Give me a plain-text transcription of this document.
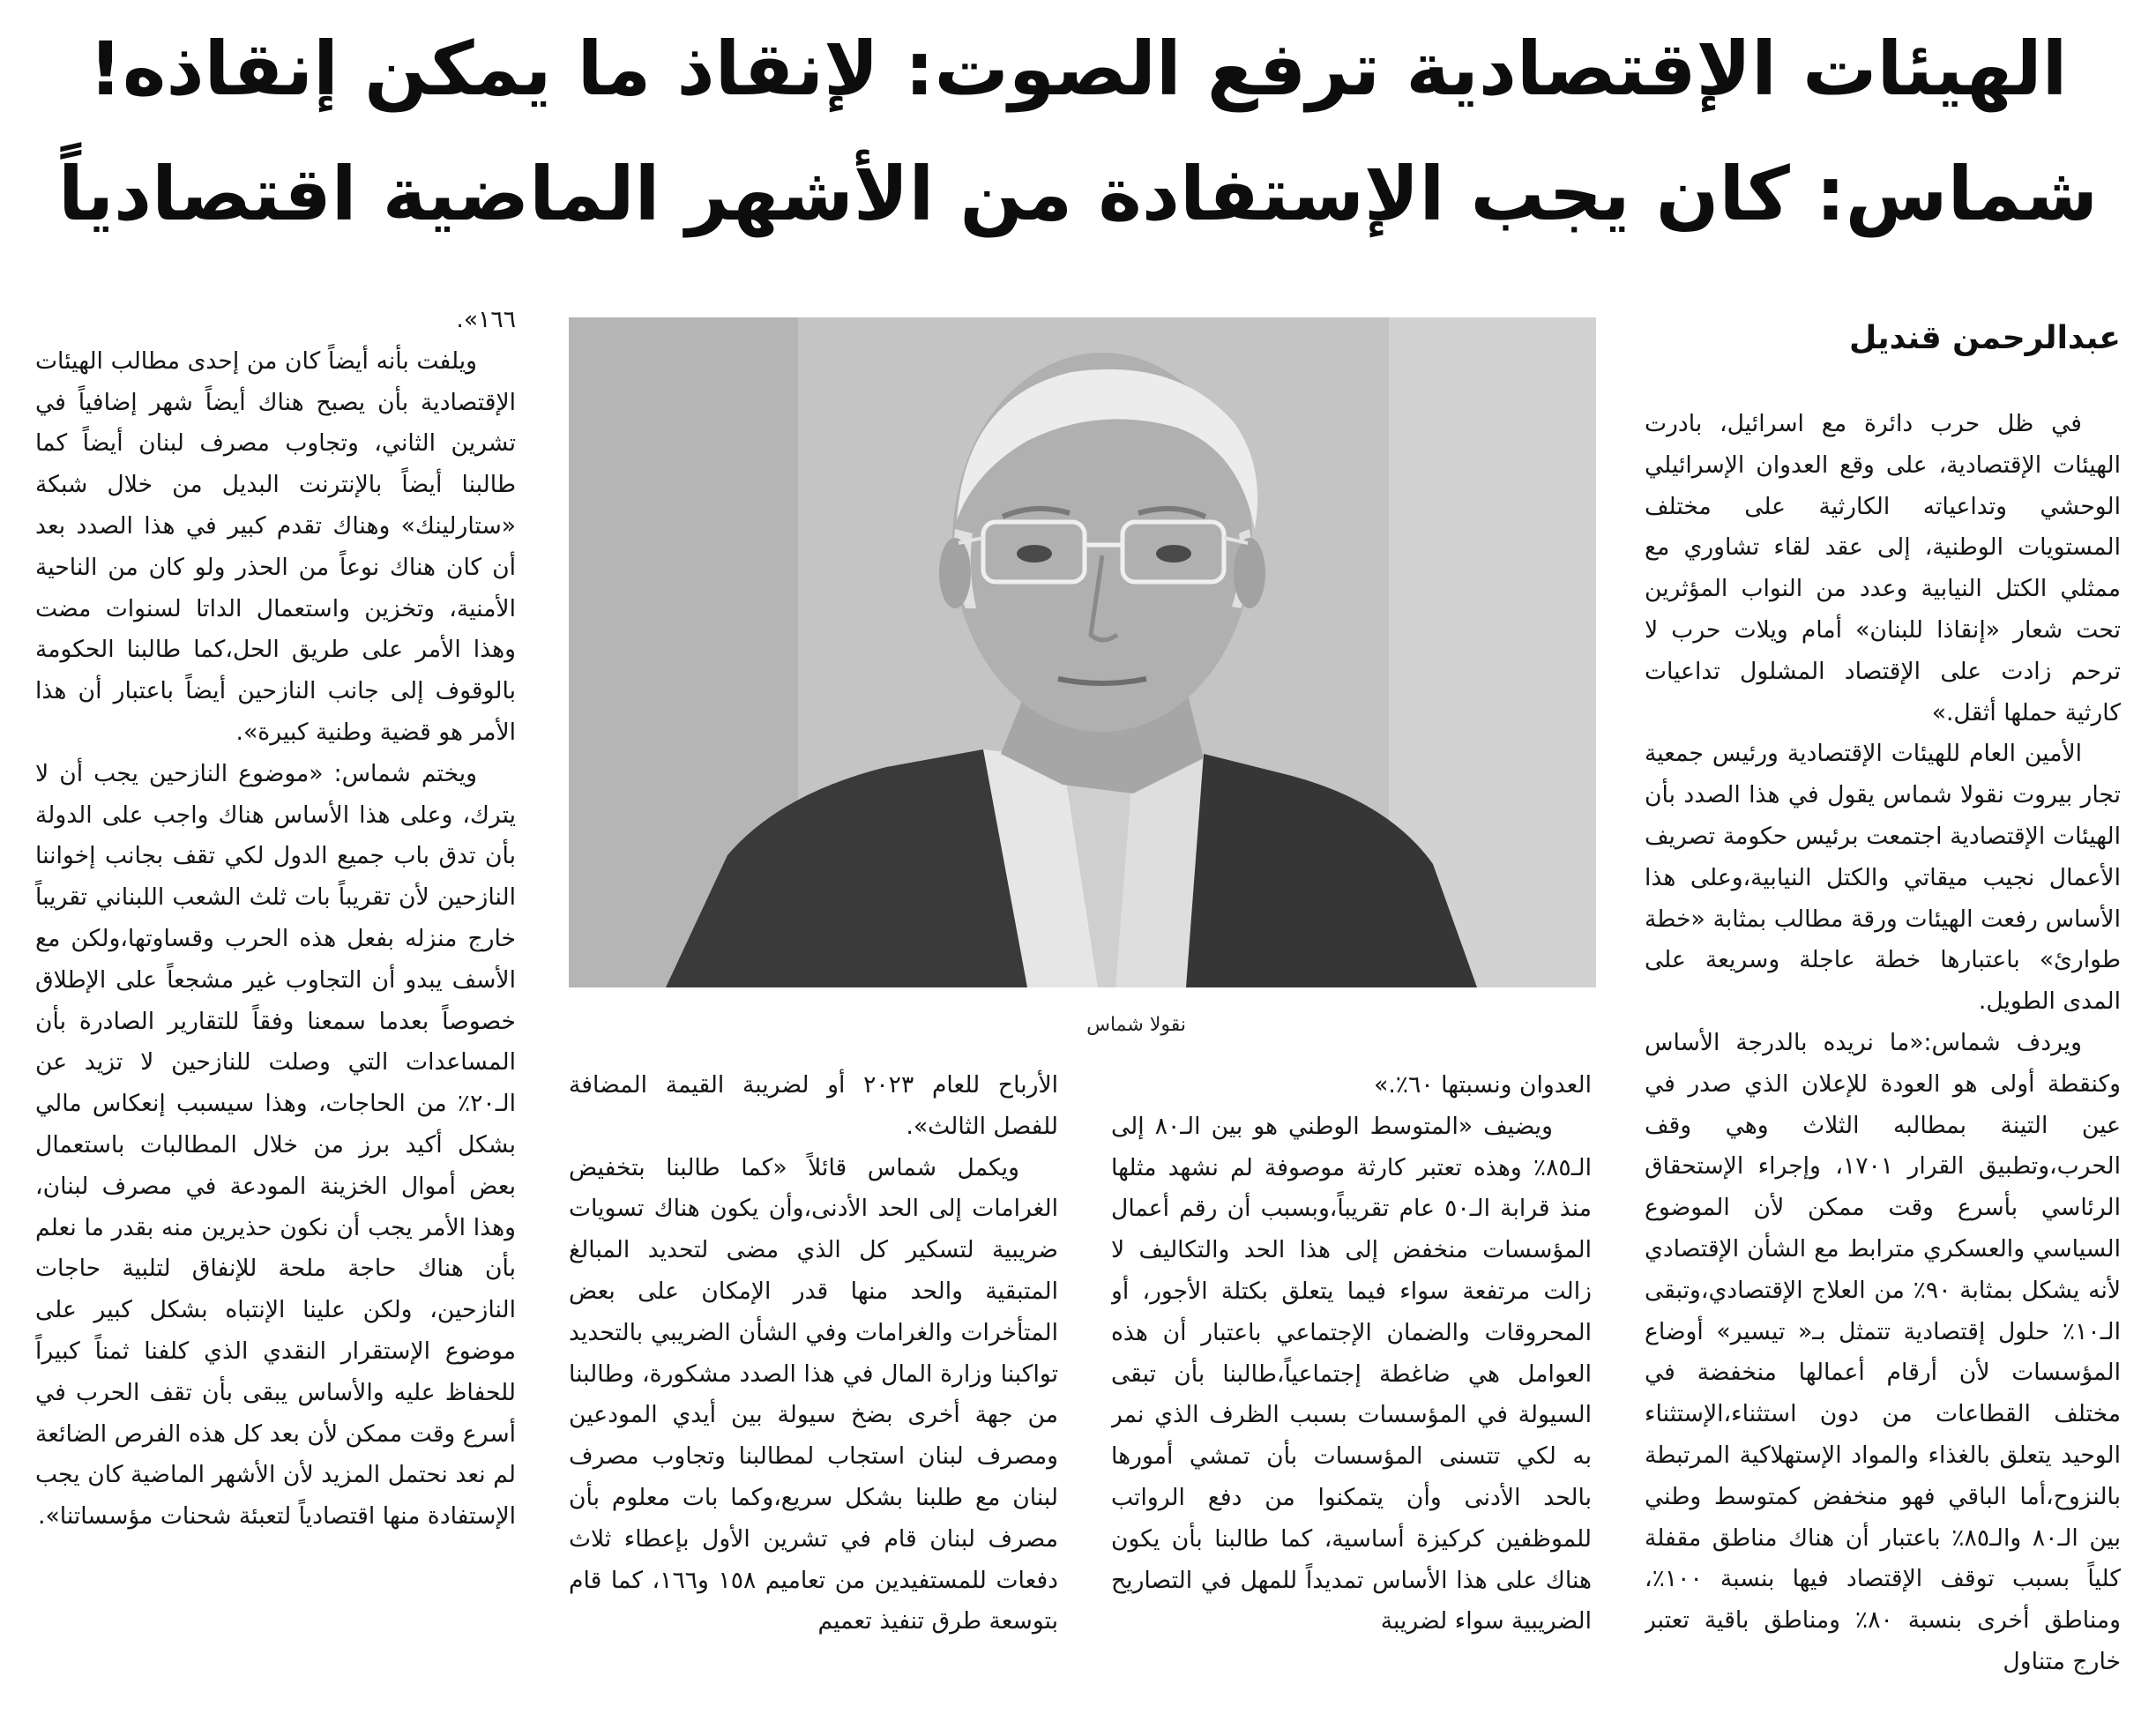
الهيئات الإقتصادية ترفع الصوت: لإنقاذ ما يمكن إنقاذه!
شماس: كان يجب الإستفادة من الأشهر الماضية اقتصادياً
عبدالرحمن قنديل

في ظل حرب دائرة مع اسرائيل، بادرت الهيئات الإقتصادية، على وقع العدوان الإسرائيلي الوحشي وتداعياته الكارثية على مختلف المستويات الوطنية، إلى عقد لقاء تشاوري مع ممثلي الكتل النيابية وعدد من النواب المؤثرين تحت شعار «إنقاذا للبنان» أمام ويلات حرب لا ترحم زادت على الإقتصاد المشلول تداعيات كارثية حملها أثقل.»

الأمين العام للهيئات الإقتصادية ورئيس جمعية تجار بيروت نقولا شماس يقول في هذا الصدد بأن الهيئات الإقتصادية اجتمعت برئيس حكومة تصريف الأعمال نجيب ميقاتي والكتل النيابية،وعلى هذا الأساس رفعت الهيئات ورقة مطالب بمثابة «خطة طوارئ» باعتبارها خطة عاجلة وسريعة على المدى الطويل.

ويردف شماس:«ما نريده بالدرجة الأساس وكنقطة أولى هو العودة للإعلان الذي صدر في عين التينة بمطالبه الثلاث وهي وقف الحرب،وتطبيق القرار ١٧٠١، وإجراء الإستحقاق الرئاسي بأسرع وقت ممكن لأن الموضوع السياسي والعسكري مترابط مع الشأن الإقتصادي لأنه يشكل بمثابة ٩٠٪ من العلاج الإقتصادي،وتبقى الـ١٠٪ حلول إقتصادية تتمثل بـ« تيسير» أوضاع المؤسسات لأن أرقام أعمالها منخفضة في مختلف القطاعات من دون استثناء،الإستثناء الوحيد يتعلق بالغذاء والمواد الإستهلاكية المرتبطة بالنزوح،أما الباقي فهو منخفض كمتوسط وطني بين الـ٨٠ والـ٨٥٪ باعتبار أن هناك مناطق مقفلة كلياً بسبب توقف الإقتصاد فيها بنسبة ١٠٠٪، ومناطق أخرى بنسبة ٨٠٪ ومناطق باقية تعتبر خارج متناول

نقولا شماس

العدوان ونسبتها ٦٠٪.»

ويضيف «المتوسط الوطني هو بين الـ٨٠ إلى الـ٨٥٪ وهذه تعتبر كارثة موصوفة لم نشهد مثلها منذ قرابة الـ٥٠ عام تقريباً،وبسبب أن رقم أعمال المؤسسات منخفض إلى هذا الحد والتكاليف لا زالت مرتفعة سواء فيما يتعلق بكتلة الأجور، أو المحروقات والضمان الإجتماعي باعتبار أن هذه العوامل هي ضاغطة إجتماعياً،طالبنا بأن تبقى السيولة في المؤسسات بسبب الظرف الذي نمر به لكي تتسنى المؤسسات بأن تمشي أمورها بالحد الأدنى وأن يتمكنوا من دفع الرواتب للموظفين كركيزة أساسية، كما طالبنا بأن يكون هناك على هذا الأساس تمديداً للمهل في التصاريح الضريبية سواء لضريبة

الأرباح للعام ٢٠٢٣ أو لضريبة القيمة المضافة للفصل الثالث».

ويكمل شماس قائلاً «كما طالبنا بتخفيض الغرامات إلى الحد الأدنى،وأن يكون هناك تسويات ضريبية لتسكير كل الذي مضى لتحديد المبالغ المتبقية والحد منها قدر الإمكان على بعض المتأخرات والغرامات وفي الشأن الضريبي بالتحديد تواكبنا وزارة المال في هذا الصدد مشكورة، وطالبنا من جهة أخرى بضخ سيولة بين أيدي المودعين ومصرف لبنان استجاب لمطالبنا وتجاوب مصرف لبنان مع طلبنا بشكل سريع،وكما بات معلوم بأن مصرف لبنان قام في تشرين الأول بإعطاء ثلاث دفعات للمستفيدين من تعاميم ١٥٨ و١٦٦، كما قام بتوسعة طرق تنفيذ تعميم

١٦٦».

ويلفت بأنه أيضاً كان من إحدى مطالب الهيئات الإقتصادية بأن يصبح هناك أيضاً شهر إضافياً في تشرين الثاني، وتجاوب مصرف لبنان أيضاً كما طالبنا أيضاً بالإنترنت البديل من خلال شبكة «ستارلينك» وهناك تقدم كبير في هذا الصدد بعد أن كان هناك نوعاً من الحذر ولو كان من الناحية الأمنية، وتخزين واستعمال الداتا لسنوات مضت وهذا الأمر على طريق الحل،كما طالبنا الحكومة بالوقوف إلى جانب النازحين أيضاً باعتبار أن هذا الأمر هو قضية وطنية كبيرة».

ويختم شماس: «موضوع النازحين يجب أن لا يترك، وعلى هذا الأساس هناك واجب على الدولة بأن تدق باب جميع الدول لكي تقف بجانب إخواننا النازحين لأن تقريباً بات ثلث الشعب اللبناني تقريباً خارج منزله بفعل هذه الحرب وقساوتها،ولكن مع الأسف يبدو أن التجاوب غير مشجعاً على الإطلاق خصوصاً بعدما سمعنا وفقاً للتقارير الصادرة بأن المساعدات التي وصلت للنازحين لا تزيد عن الـ٢٠٪ من الحاجات، وهذا سيسبب إنعكاس مالي بشكل أكيد برز من خلال المطالبات باستعمال بعض أموال الخزينة المودعة في مصرف لبنان، وهذا الأمر يجب أن نكون حذيرين منه بقدر ما نعلم بأن هناك حاجة ملحة للإنفاق لتلبية حاجات النازحين، ولكن علينا الإنتباه بشكل كبير على موضوع الإستقرار النقدي الذي كلفنا ثمناً كبيراً للحفاظ عليه والأساس يبقى بأن تقف الحرب في أسرع وقت ممكن لأن بعد كل هذه الفرص الضائعة لم نعد نحتمل المزيد لأن الأشهر الماضية كان يجب الإستفادة منها اقتصادياً لتعبئة شحنات مؤسساتنا».
